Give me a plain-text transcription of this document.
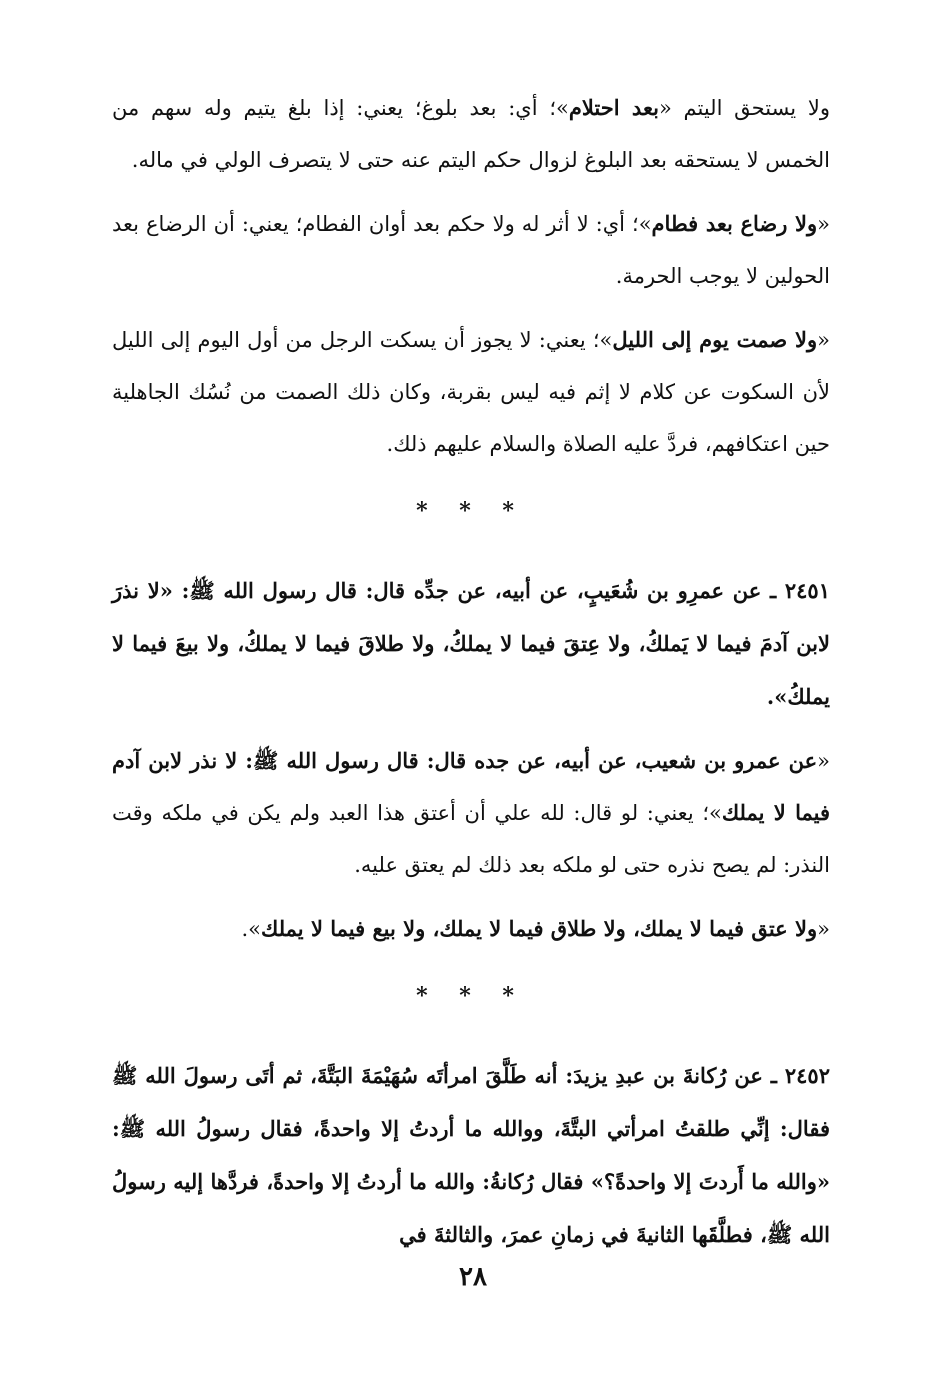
ولا يستحق اليتم «بعد احتلام»؛ أي: بعد بلوغ؛ يعني: إذا بلغ يتيم وله سهم من الخمس لا يستحقه بعد البلوغ لزوال حكم اليتم عنه حتى لا يتصرف الولي في ماله.

«ولا رضاع بعد فطام»؛ أي: لا أثر له ولا حكم بعد أوان الفطام؛ يعني: أن الرضاع بعد الحولين لا يوجب الحرمة.

«ولا صمت يوم إلى الليل»؛ يعني: لا يجوز أن يسكت الرجل من أول اليوم إلى الليل لأن السكوت عن كلام لا إثم فيه ليس بقربة، وكان ذلك الصمت من نُسُك الجاهلية حين اعتكافهم، فردَّ عليه الصلاة والسلام عليهم ذلك.

* * *

٢٤٥١ ـ عن عمرِو بن شُعَيبٍ، عن أبيه، عن جدِّه قال: قال رسول الله ﷺ: «لا نذرَ لابن آدمَ فيما لا يَملكُ، ولا عِتقَ فيما لا يملكُ، ولا طلاقَ فيما لا يملكُ، ولا بيعَ فيما لا يملكُ».

«عن عمرو بن شعيب، عن أبيه، عن جده قال: قال رسول الله ﷺ: لا نذر لابن آدم فيما لا يملك»؛ يعني: لو قال: لله علي أن أعتق هذا العبد ولم يكن في ملكه وقت النذر: لم يصح نذره حتى لو ملكه بعد ذلك لم يعتق عليه.

«ولا عتق فيما لا يملك، ولا طلاق فيما لا يملك، ولا بيع فيما لا يملك».

* * *

٢٤٥٢ ـ عن رُكانةَ بن عبدِ يزيدَ: أنه طَلَّقَ امرأتَه سُهَيْمَةَ البَتَّةَ، ثم أتَى رسولَ الله ﷺ فقال: إنِّي طلقتُ امرأتي البتَّةَ، ووالله ما أردتُ إلا واحدةً، فقال رسولُ الله ﷺ: «والله ما أَردتَ إلا واحدةً؟» فقال رُكانةُ: والله ما أردتُ إلا واحدةً، فردَّها إليه رسولُ الله ﷺ، فطلَّقَها الثانيةَ في زمانِ عمرَ، والثالثةَ في

٢٨
